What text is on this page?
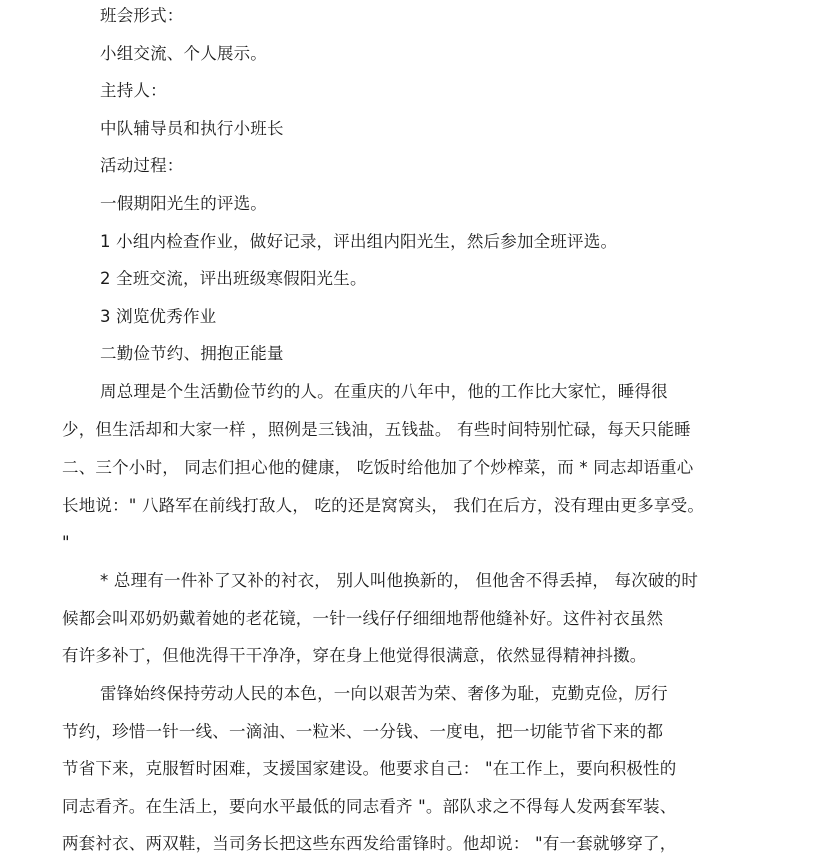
班会形式：
小组交流、个人展示。
主持人：
中队辅导员和执行小班长
活动过程：
一假期阳光生的评选。
1 小组内检查作业，做好记录，评出组内阳光生，然后参加全班评选。
2 全班交流，评出班级寒假阳光生。
3 浏览优秀作业
二勤俭节约、拥抱正能量
周总理是个生活勤俭节约的人。在重庆的八年中，他的工作比大家忙，睡得很
少，但生活却和大家一样 ，照例是三钱油，五钱盐。 有些时间特别忙碌，每天只能睡
二、三个小时， 同志们担心他的健康， 吃饭时给他加了个炒榨菜，而 * 同志却语重心
长地说：" 八路军在前线打敌人， 吃的还是窝窝头， 我们在后方，没有理由更多享受。
"
* 总理有一件补了又补的衬衣， 别人叫他换新的， 但他舍不得丢掉， 每次破的时
候都会叫邓奶奶戴着她的老花镜，一针一线仔仔细细地帮他缝补好。这件衬衣虽然
有许多补丁，但他洗得干干净净，穿在身上他觉得很满意，依然显得精神抖擞。
雷锋始终保持劳动人民的本色，一向以艰苦为荣、奢侈为耻，克勤克俭，厉行
节约，珍惜一针一线、一滴油、一粒米、一分钱、一度电，把一切能节省下来的都
节省下来，克服暂时困难，支援国家建设。他要求自己： "在工作上，要向积极性的
同志看齐。在生活上，要向水平最低的同志看齐 "。部队求之不得每人发两套军装、
两套衬衣、两双鞋，当司务长把这些东西发给雷锋时。他却说： "有一套就够穿了，
